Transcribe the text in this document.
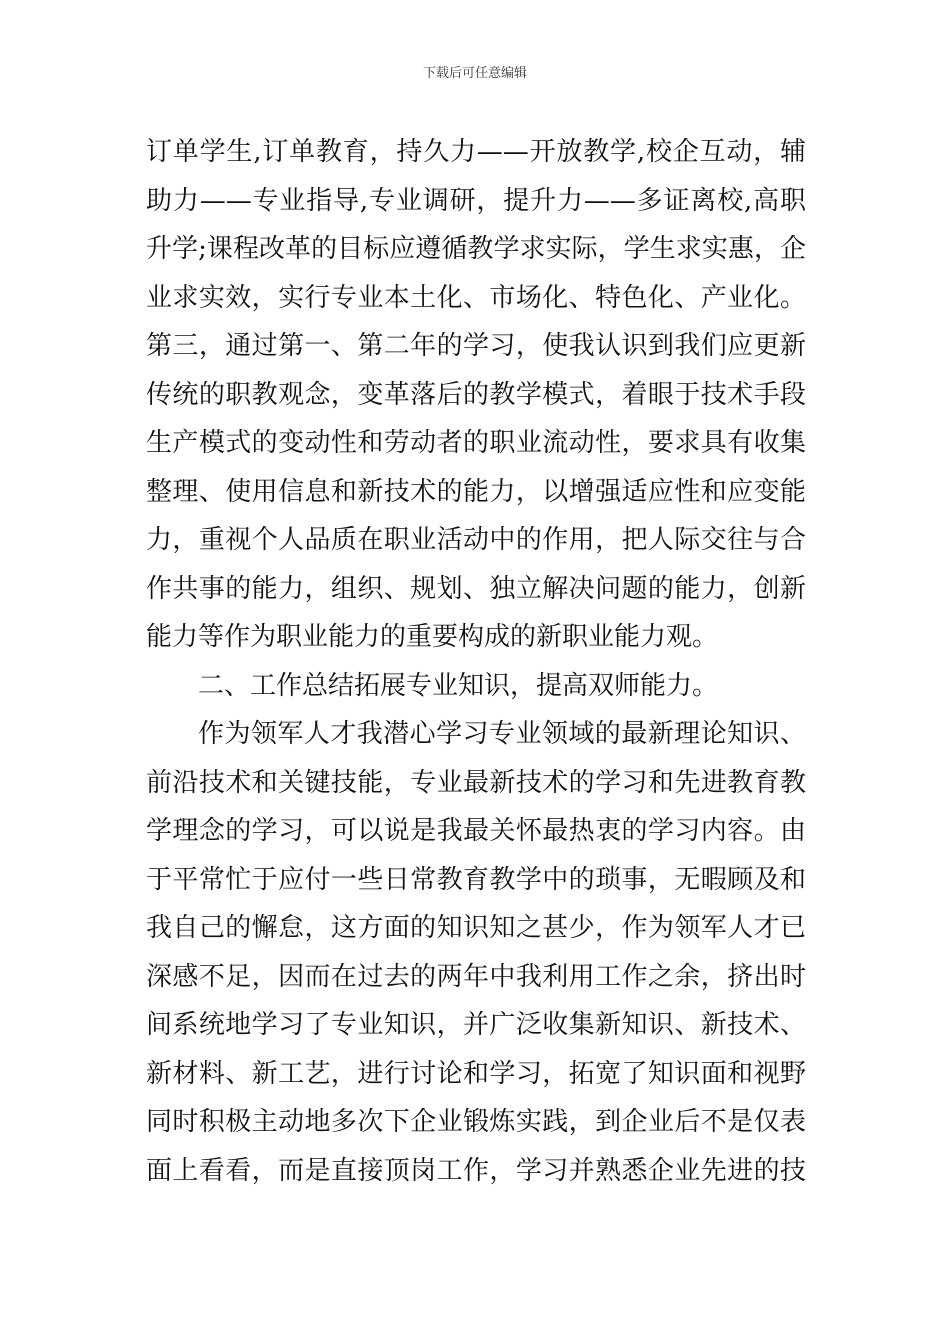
下载后可任意编辑
订单学生,订单教育，持久力——开放教学,校企互动，辅
助力——专业指导,专业调研，提升力——多证离校,高职
升学;课程改革的目标应遵循教学求实际，学生求实惠，企
业求实效，实行专业本土化、市场化、特色化、产业化。
第三，通过第一、第二年的学习，使我认识到我们应更新
传统的职教观念，变革落后的教学模式，着眼于技术手段
生产模式的变动性和劳动者的职业流动性，要求具有收集
整理、使用信息和新技术的能力，以增强适应性和应变能
力，重视个人品质在职业活动中的作用，把人际交往与合
作共事的能力，组织、规划、独立解决问题的能力，创新
能力等作为职业能力的重要构成的新职业能力观。
二、工作总结拓展专业知识，提高双师能力。
作为领军人才我潜心学习专业领域的最新理论知识、
前沿技术和关键技能，专业最新技术的学习和先进教育教
学理念的学习，可以说是我最关怀最热衷的学习内容。由
于平常忙于应付一些日常教育教学中的琐事，无暇顾及和
我自己的懈怠，这方面的知识知之甚少，作为领军人才已
深感不足，因而在过去的两年中我利用工作之余，挤出时
间系统地学习了专业知识，并广泛收集新知识、新技术、
新材料、新工艺，进行讨论和学习，拓宽了知识面和视野
同时积极主动地多次下企业锻炼实践，到企业后不是仅表
面上看看，而是直接顶岗工作，学习并熟悉企业先进的技
